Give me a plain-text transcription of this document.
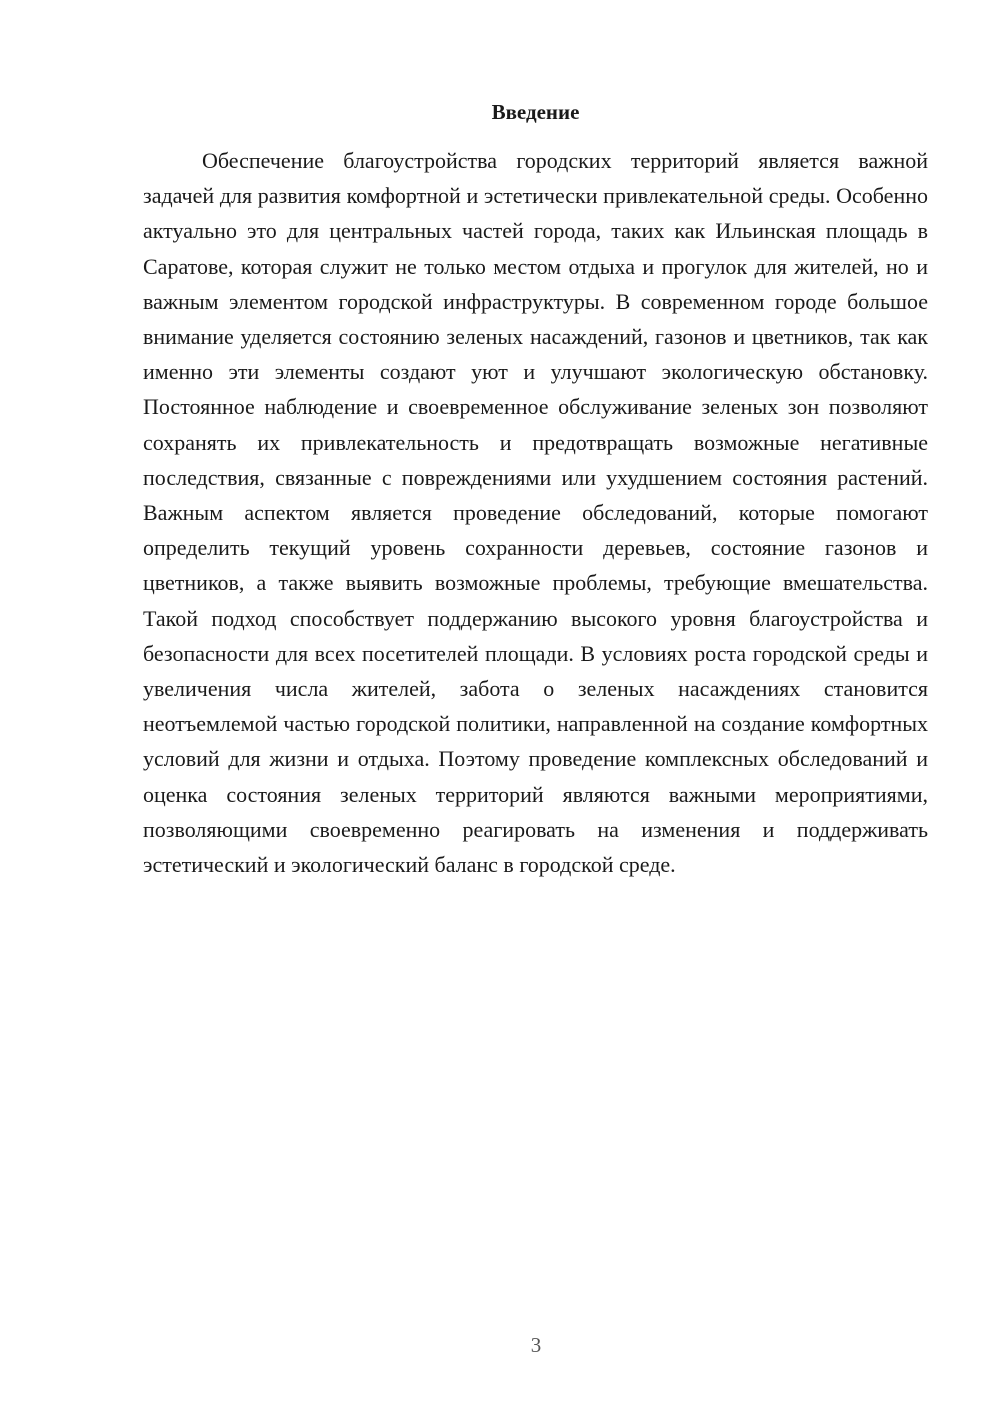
Введение

Обеспечение благоустройства городских территорий является важной задачей для развития комфортной и эстетически привлекательной среды. Особенно актуально это для центральных частей города, таких как Ильинская площадь в Саратове, которая служит не только местом отдыха и прогулок для жителей, но и важным элементом городской инфраструктуры. В современном городе большое внимание уделяется состоянию зеленых насаждений, газонов и цветников, так как именно эти элементы создают уют и улучшают экологическую обстановку. Постоянное наблюдение и своевременное обслуживание зеленых зон позволяют сохранять их привлекательность и предотвращать возможные негативные последствия, связанные с повреждениями или ухудшением состояния растений. Важным аспектом является проведение обследований, которые помогают определить текущий уровень сохранности деревьев, состояние газонов и цветников, а также выявить возможные проблемы, требующие вмешательства. Такой подход способствует поддержанию высокого уровня благоустройства и безопасности для всех посетителей площади. В условиях роста городской среды и увеличения числа жителей, забота о зеленых насаждениях становится неотъемлемой частью городской политики, направленной на создание комфортных условий для жизни и отдыха. Поэтому проведение комплексных обследований и оценка состояния зеленых территорий являются важными мероприятиями, позволяющими своевременно реагировать на изменения и поддерживать эстетический и экологический баланс в городской среде.

3
